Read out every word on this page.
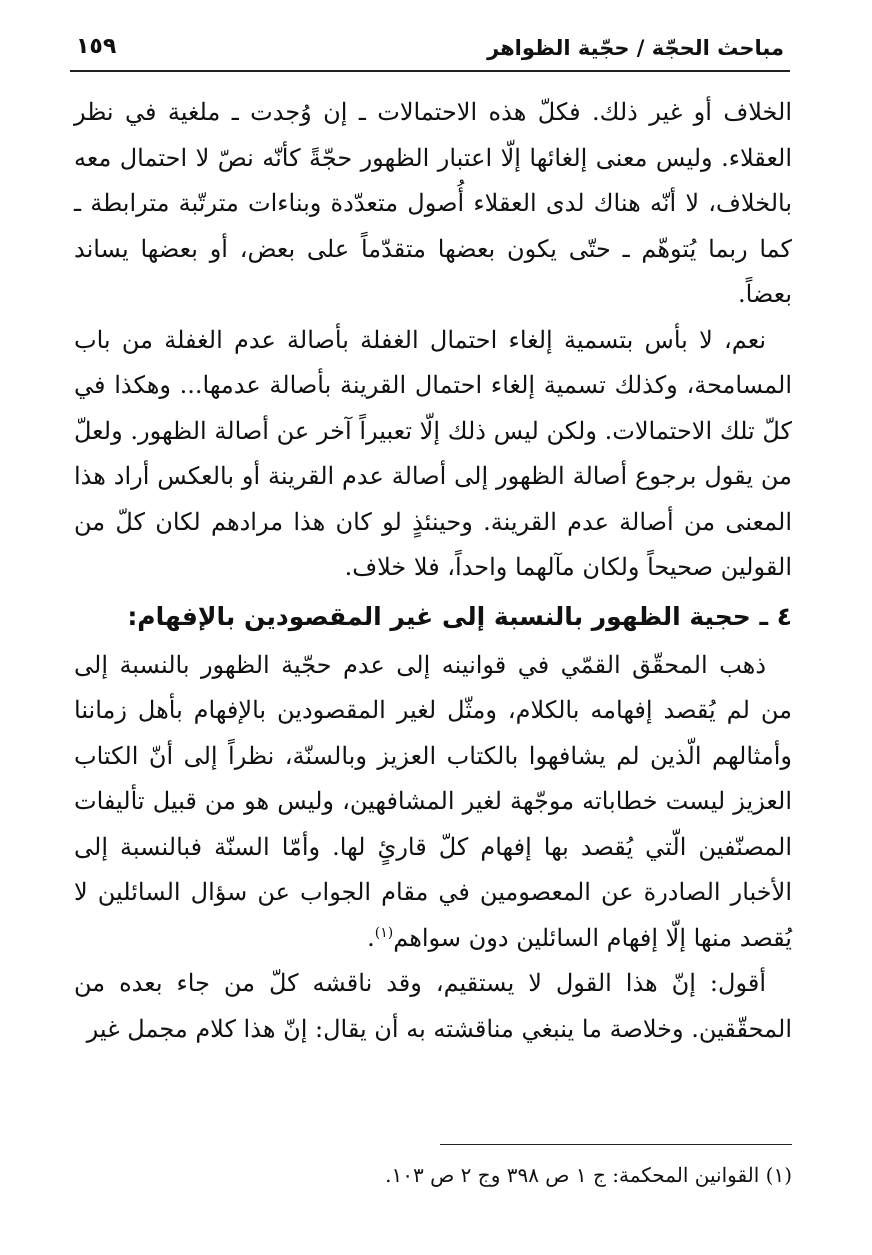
مباحث الحجّة / حجّية الظواهر
١٥٩

الخلاف أو غير ذلك. فكلّ هذه الاحتمالات ـ إن وُجدت ـ ملغية في نظر العقلاء. وليس معنى إلغائها إلّا اعتبار الظهور حجّةً كأنّه نصّ لا احتمال معه بالخلاف، لا أنّه هناك لدى العقلاء أُصول متعدّدة وبناءات مترتّبة مترابطة ـ كما ربما يُتوهّم ـ حتّى يكون بعضها متقدّماً على بعض، أو بعضها يساند بعضاً.

نعم، لا بأس بتسمية إلغاء احتمال الغفلة بأصالة عدم الغفلة من باب المسامحة، وكذلك تسمية إلغاء احتمال القرينة بأصالة عدمها... وهكذا في كلّ تلك الاحتمالات. ولكن ليس ذلك إلّا تعبيراً آخر عن أصالة الظهور. ولعلّ من يقول برجوع أصالة الظهور إلى أصالة عدم القرينة أو بالعكس أراد هذا المعنى من أصالة عدم القرينة. وحينئذٍ لو كان هذا مرادهم لكان كلّ من القولين صحيحاً ولكان مآلهما واحداً، فلا خلاف.

٤ ـ حجية الظهور بالنسبة إلى غير المقصودين بالإفهام:

ذهب المحقّق القمّي في قوانينه إلى عدم حجّية الظهور بالنسبة إلى من لم يُقصد إفهامه بالكلام، ومثّل لغير المقصودين بالإفهام بأهل زماننا وأمثالهم الّذين لم يشافهوا بالكتاب العزيز وبالسنّة، نظراً إلى أنّ الكتاب العزيز ليست خطاباته موجّهة لغير المشافهين، وليس هو من قبيل تأليفات المصنّفين الّتي يُقصد بها إفهام كلّ قارئٍ لها. وأمّا السنّة فبالنسبة إلى الأخبار الصادرة عن المعصومين في مقام الجواب عن سؤال السائلين لا يُقصد منها إلّا إفهام السائلين دون سواهم$^{(١)}$.

أقول: إنّ هذا القول لا يستقيم، وقد ناقشه كلّ من جاء بعده من المحقّقين. وخلاصة ما ينبغي مناقشته به أن يقال: إنّ هذا كلام مجمل غير

(١) القوانين المحكمة: ج ١ ص ٣٩٨ وج ٢ ص ١٠٣.
